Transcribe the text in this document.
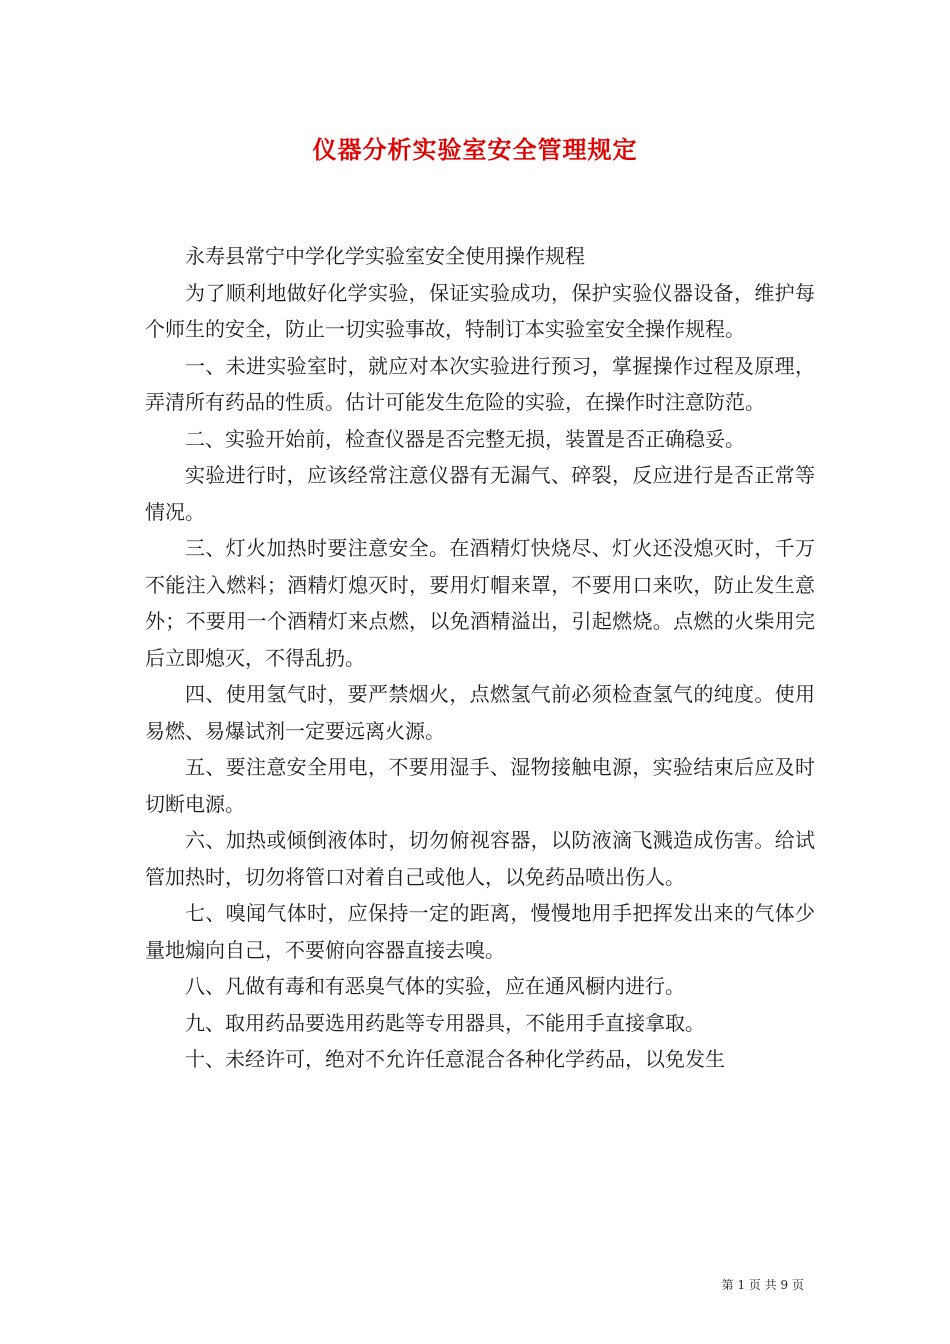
仪器分析实验室安全管理规定

永寿县常宁中学化学实验室安全使用操作规程

为了顺利地做好化学实验，保证实验成功，保护实验仪器设备，维护每个师生的安全，防止一切实验事故，特制订本实验室安全操作规程。

一、未进实验室时，就应对本次实验进行预习，掌握操作过程及原理，弄清所有药品的性质。估计可能发生危险的实验，在操作时注意防范。

二、实验开始前，检查仪器是否完整无损，装置是否正确稳妥。

实验进行时，应该经常注意仪器有无漏气、碎裂，反应进行是否正常等情况。

三、灯火加热时要注意安全。在酒精灯快烧尽、灯火还没熄灭时，千万不能注入燃料；酒精灯熄灭时，要用灯帽来罩，不要用口来吹，防止发生意外；不要用一个酒精灯来点燃，以免酒精溢出，引起燃烧。点燃的火柴用完后立即熄灭，不得乱扔。

四、使用氢气时，要严禁烟火，点燃氢气前必须检查氢气的纯度。使用易燃、易爆试剂一定要远离火源。

五、要注意安全用电，不要用湿手、湿物接触电源，实验结束后应及时切断电源。

六、加热或倾倒液体时，切勿俯视容器，以防液滴飞溅造成伤害。给试管加热时，切勿将管口对着自己或他人，以免药品喷出伤人。

七、嗅闻气体时，应保持一定的距离，慢慢地用手把挥发出来的气体少量地煽向自己，不要俯向容器直接去嗅。

八、凡做有毒和有恶臭气体的实验，应在通风橱内进行。

九、取用药品要选用药匙等专用器具，不能用手直接拿取。

十、未经许可，绝对不允许任意混合各种化学药品，以免发生

第 1 页 共 9 页
